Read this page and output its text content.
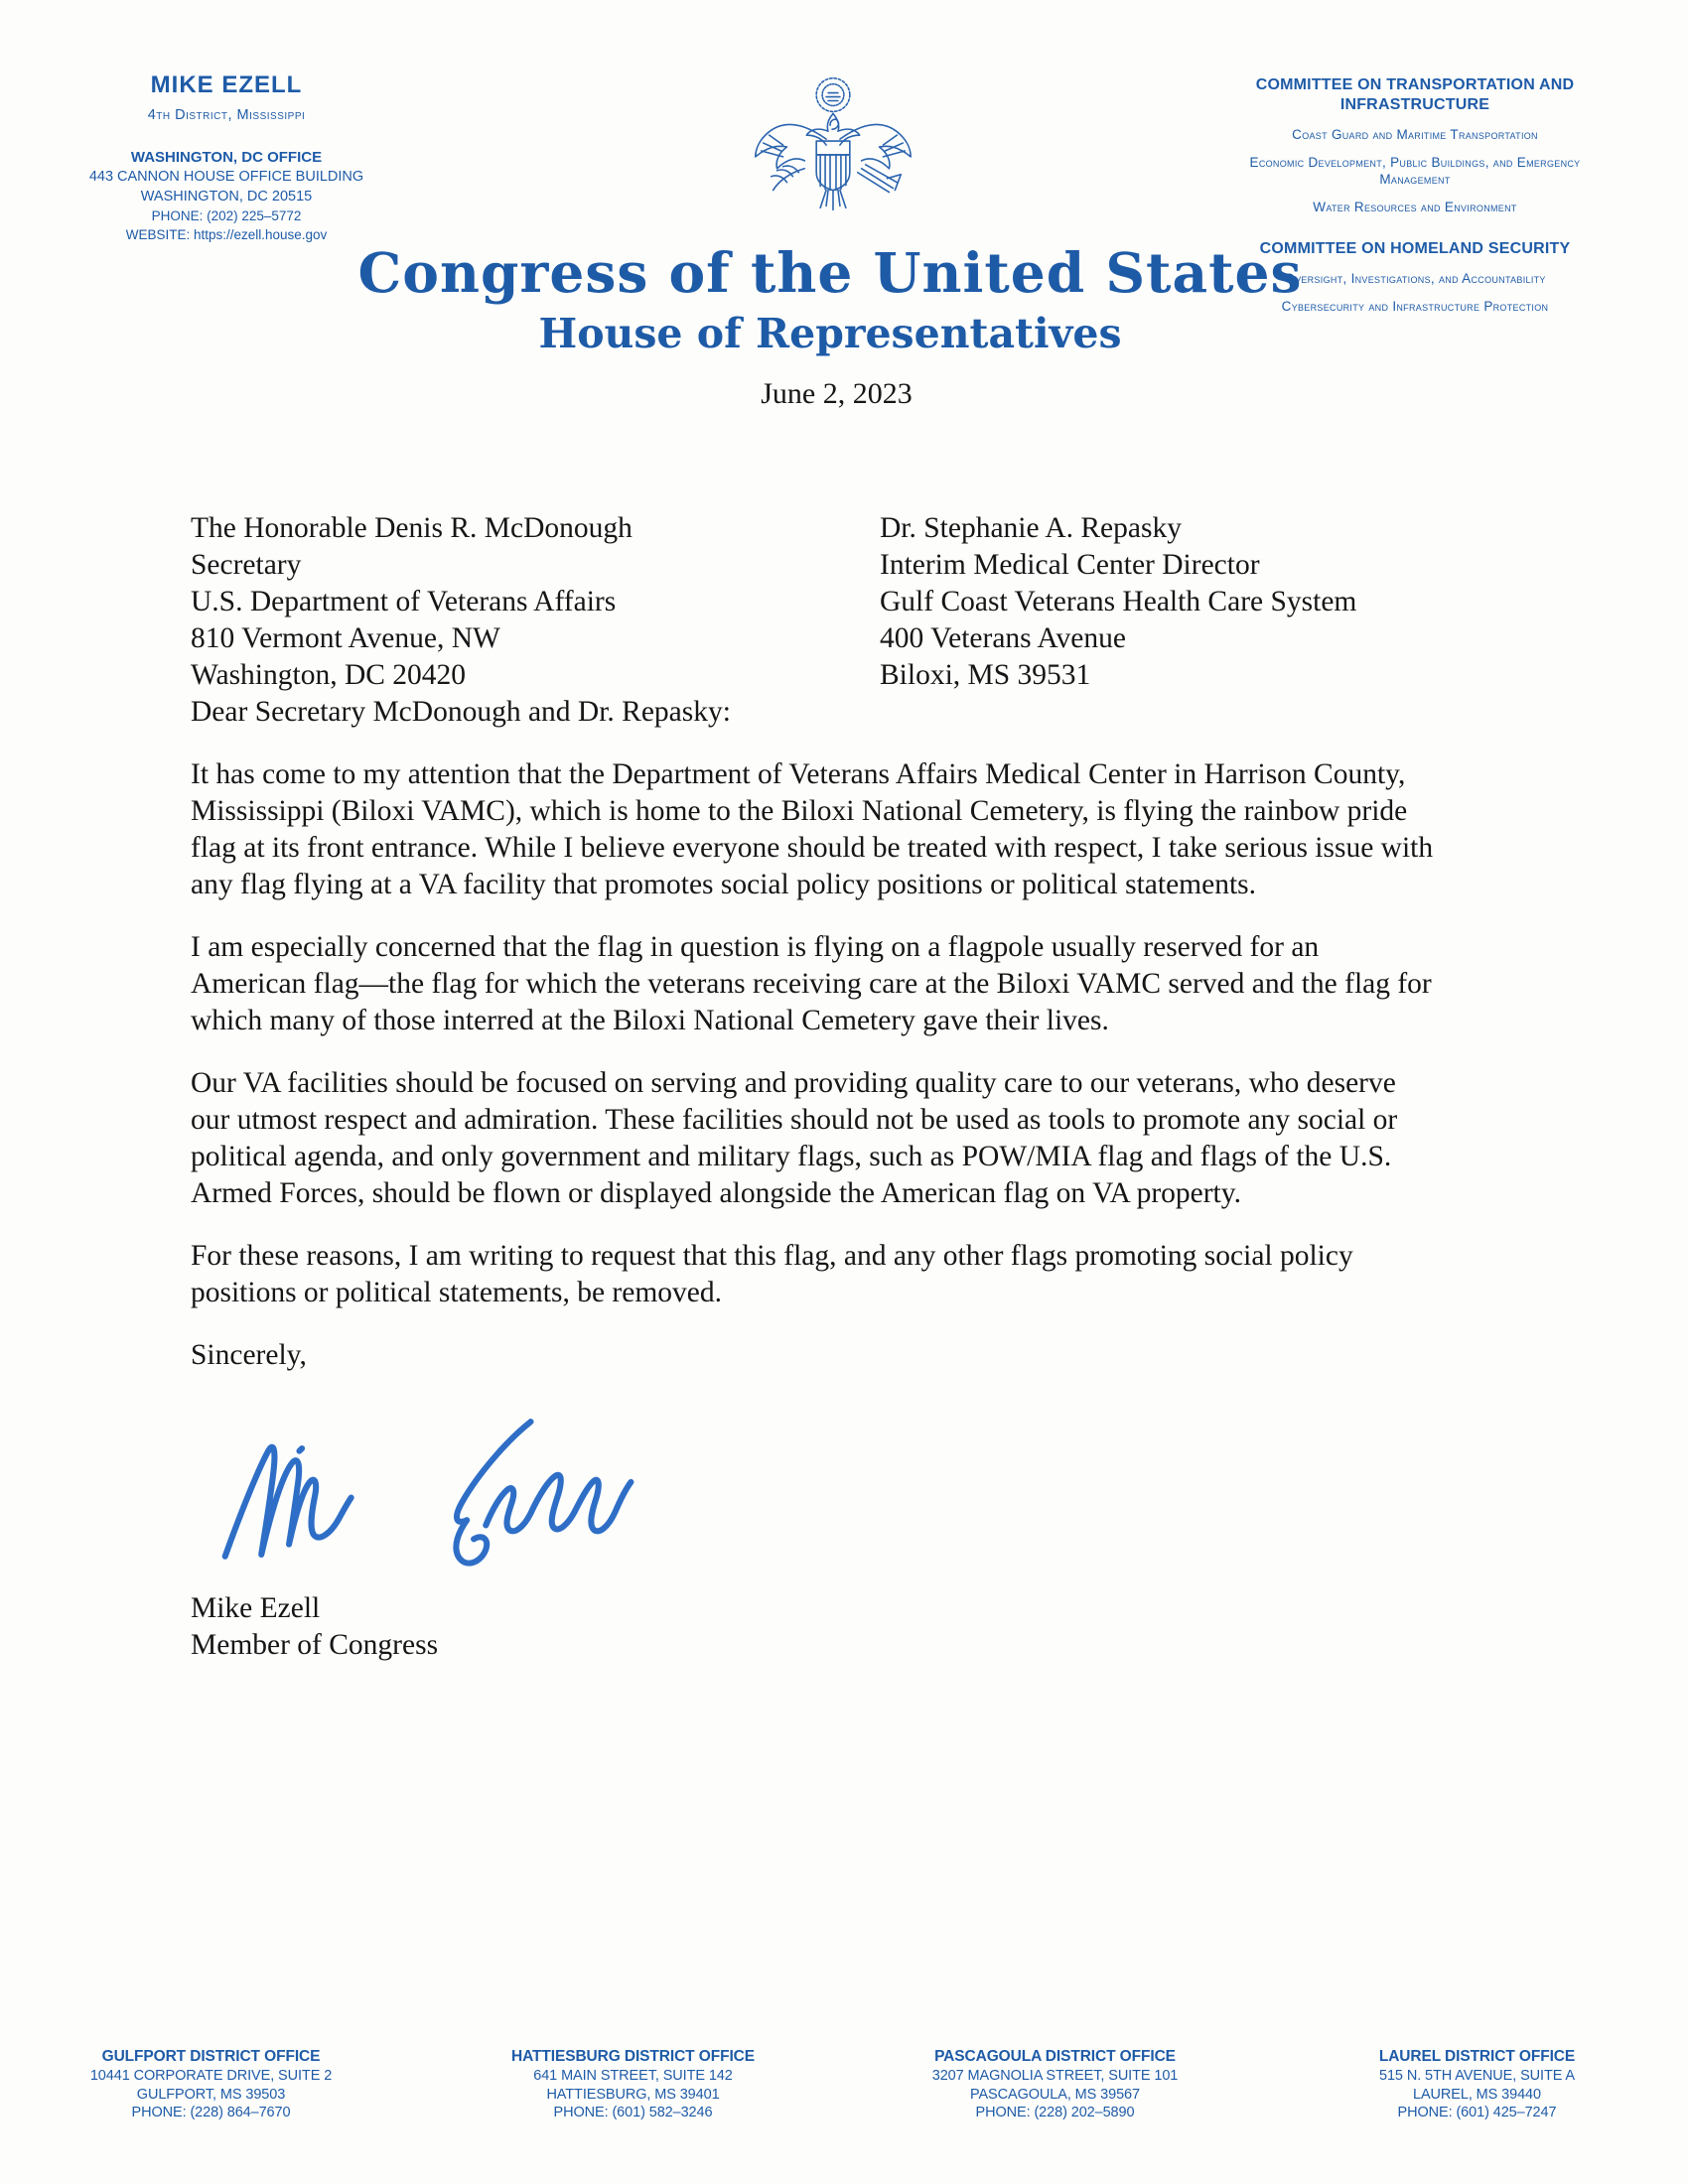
MIKE EZELL
4th District, Mississippi
WASHINGTON, DC OFFICE
443 CANNON HOUSE OFFICE BUILDING
WASHINGTON, DC 20515
PHONE: (202) 225–5772
WEBSITE: https://ezell.house.gov
COMMITTEE ON TRANSPORTATION AND INFRASTRUCTURE
Coast Guard and Maritime Transportation
Economic Development, Public Buildings, and Emergency Management
Water Resources and Environment
COMMITTEE ON HOMELAND SECURITY
Oversight, Investigations, and Accountability
Cybersecurity and Infrastructure Protection
Congress of the United States
House of Representatives
June 2, 2023
The Honorable Denis R. McDonough
Secretary
U.S. Department of Veterans Affairs
810 Vermont Avenue, NW
Washington, DC 20420
Dr. Stephanie A. Repasky
Interim Medical Center Director
Gulf Coast Veterans Health Care System
400 Veterans Avenue
Biloxi, MS 39531

Dear Secretary McDonough and Dr. Repasky:

It has come to my attention that the Department of Veterans Affairs Medical Center in Harrison County, Mississippi (Biloxi VAMC), which is home to the Biloxi National Cemetery, is flying the rainbow pride flag at its front entrance. While I believe everyone should be treated with respect, I take serious issue with any flag flying at a VA facility that promotes social policy positions or political statements.

I am especially concerned that the flag in question is flying on a flagpole usually reserved for an American flag—the flag for which the veterans receiving care at the Biloxi VAMC served and the flag for which many of those interred at the Biloxi National Cemetery gave their lives.

Our VA facilities should be focused on serving and providing quality care to our veterans, who deserve our utmost respect and admiration. These facilities should not be used as tools to promote any social or political agenda, and only government and military flags, such as POW/MIA flag and flags of the U.S. Armed Forces, should be flown or displayed alongside the American flag on VA property.

For these reasons, I am writing to request that this flag, and any other flags promoting social policy positions or political statements, be removed.

Sincerely,

Mike Ezell
Member of Congress
GULFPORT DISTRICT OFFICE
10441 CORPORATE DRIVE, SUITE 2
GULFPORT, MS 39503
PHONE: (228) 864–7670
HATTIESBURG DISTRICT OFFICE
641 MAIN STREET, SUITE 142
HATTIESBURG, MS 39401
PHONE: (601) 582–3246
PASCAGOULA DISTRICT OFFICE
3207 MAGNOLIA STREET, SUITE 101
PASCAGOULA, MS 39567
PHONE: (228) 202–5890
LAUREL DISTRICT OFFICE
515 N. 5TH AVENUE, SUITE A
LAUREL, MS 39440
PHONE: (601) 425–7247
